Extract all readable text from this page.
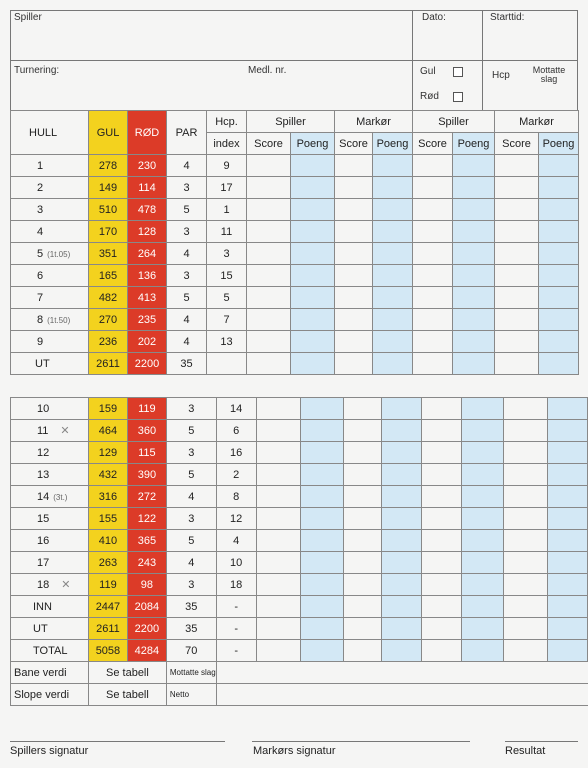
Spiller	Dato:	Starttid:
Turnering:	Medl. nr.	Gul
Rød
Hcp	Mottatte slag
HULL	GUL	RØD	PAR	Hcp.	Spiller		Markør		Spiller		Markør	
				index	Score	Poeng	Score	Poeng	Score	Poeng	Score	Poeng
1	278	230	4	9								
2	149	114	3	17								
3	510	478	5	1								
4	170	128	3	11								
5 (1t.05)	351	264	4	3								
6	165	136	3	15								
7	482	413	5	5								
8 (1t.50)	270	235	4	7								
9	236	202	4	13								
UT	2611	2200	35									
10	159	119	3	14								
11 ✕	464	360	5	6								
12	129	115	3	16								
13	432	390	5	2								
14 (3t.)	316	272	4	8								
15	155	122	3	12								
16	410	365	5	4								
17	263	243	4	10								
18 ✕	119	98	3	18								
INN	2447	2084	35	-								
UT	2611	2200	35	-								
TOTAL	5058	4284	70	-								
Bane verdi	Se tabell		Mottatte slag									
Slope verdi	Se tabell		Netto									
Spillers signatur	Markørs signatur	Resultat
